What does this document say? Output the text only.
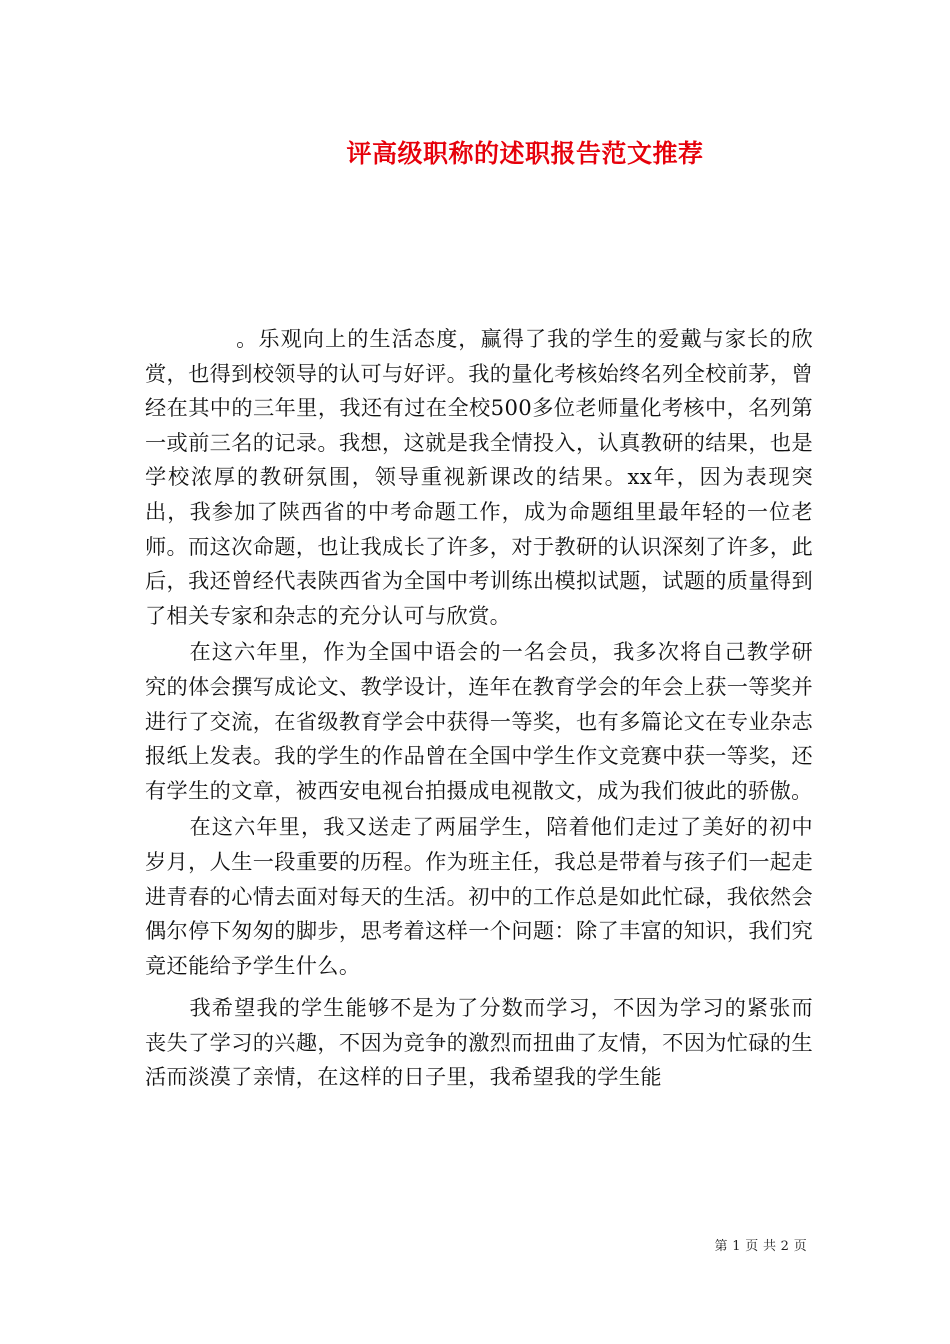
评高级职称的述职报告范文推荐

。乐观向上的生活态度，赢得了我的学生的爱戴与家长的欣赏，也得到校领导的认可与好评。我的量化考核始终名列全校前茅，曾经在其中的三年里，我还有过在全校500多位老师量化考核中，名列第一或前三名的记录。我想，这就是我全情投入，认真教研的结果，也是学校浓厚的教研氛围，领导重视新课改的结果。xx年，因为表现突出，我参加了陕西省的中考命题工作，成为命题组里最年轻的一位老师。而这次命题，也让我成长了许多，对于教研的认识深刻了许多，此后，我还曾经代表陕西省为全国中考训练出模拟试题，试题的质量得到了相关专家和杂志的充分认可与欣赏。

在这六年里，作为全国中语会的一名会员，我多次将自己教学研究的体会撰写成论文、教学设计，连年在教育学会的年会上获一等奖并进行了交流，在省级教育学会中获得一等奖，也有多篇论文在专业杂志报纸上发表。我的学生的作品曾在全国中学生作文竞赛中获一等奖，还有学生的文章，被西安电视台拍摄成电视散文，成为我们彼此的骄傲。

在这六年里，我又送走了两届学生，陪着他们走过了美好的初中岁月，人生一段重要的历程。作为班主任，我总是带着与孩子们一起走进青春的心情去面对每天的生活。初中的工作总是如此忙碌，我依然会偶尔停下匆匆的脚步，思考着这样一个问题：除了丰富的知识，我们究竟还能给予学生什么。

我希望我的学生能够不是为了分数而学习，不因为学习的紧张而丧失了学习的兴趣，不因为竞争的激烈而扭曲了友情，不因为忙碌的生活而淡漠了亲情，在这样的日子里，我希望我的学生能

第 1 页 共 2 页
